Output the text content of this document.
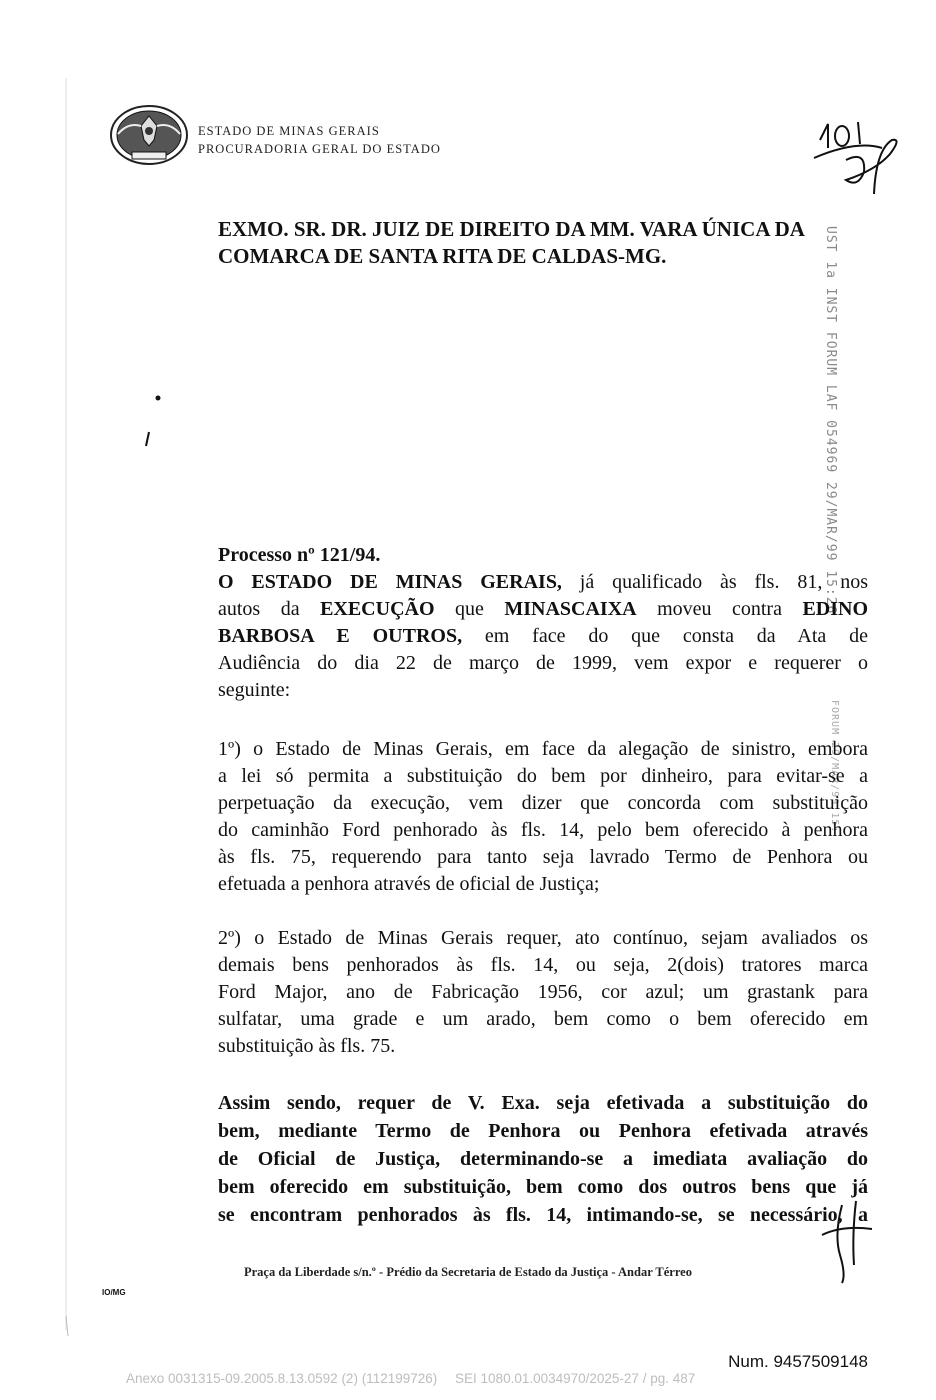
ESTADO DE MINAS GERAIS
PROCURADORIA GERAL DO ESTADO
EXMO. SR. DR. JUIZ DE DIREITO DA MM. VARA ÚNICA DA
COMARCA DE SANTA RITA DE CALDAS-MG.	UST 1a INST FORUM LAF 054969 29/MAR/99 15:26
FORUM 29/MAR/99 15:
Processo nº 121/94.
O ESTADO DE MINAS GERAIS, já qualificado às fls. 81, nos
autos da EXECUÇÃO que MINASCAIXA moveu contra EDINO
BARBOSA E OUTROS, em face do que consta da Ata de
Audiência do dia 22 de março de 1999, vem expor e requerer o
seguinte:
1º) o Estado de Minas Gerais, em face da alegação de sinistro, embora
a lei só permita a substituição do bem por dinheiro, para evitar-se a
perpetuação da execução, vem dizer que concorda com substituição
do caminhão Ford penhorado às fls. 14, pelo bem oferecido à penhora
às fls. 75, requerendo para tanto seja lavrado Termo de Penhora ou
efetuada a penhora através de oficial de Justiça;
2º) o Estado de Minas Gerais requer, ato contínuo, sejam avaliados os
demais bens penhorados às fls. 14, ou seja, 2(dois) tratores marca
Ford Major, ano de Fabricação 1956, cor azul; um grastank para
sulfatar, uma grade e um arado, bem como o bem oferecido em
substituição às fls. 75.
Assim sendo, requer de V. Exa. seja efetivada a substituição do
bem, mediante Termo de Penhora ou Penhora efetivada através
de Oficial de Justiça, determinando-se a imediata avaliação do
bem oferecido em substituição, bem como dos outros bens que já
se encontram penhorados às fls. 14, intimando-se, se necessário, a
Praça da Liberdade s/n.º - Prédio da Secretaria de Estado da Justiça - Andar Térreo
IO/MG
Num. 9457509148
Anexo 0031315-09.2005.8.13.0592 (2) (112199726) SEI 1080.01.0034970/2025-27 / pg. 487
